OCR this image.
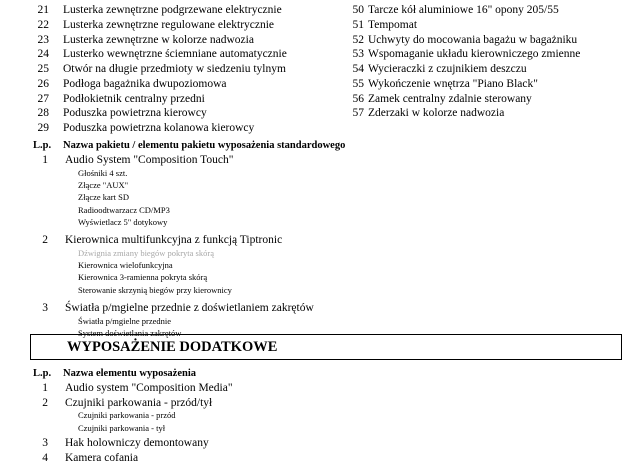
21 Lusterka zewnętrzne podgrzewane elektrycznie
22 Lusterka zewnętrzne regulowane elektrycznie
23 Lusterka zewnętrzne w kolorze nadwozia
24 Lusterko wewnętrzne ściemniane automatycznie
25 Otwór na długie przedmioty w siedzeniu tylnym
26 Podłoga bagażnika dwupoziomowa
27 Podłokietnik centralny przedni
28 Poduszka powietrzna kierowcy
29 Poduszka powietrzna kolanowa kierowcy
50 Tarcze kół aluminiowe 16" opony 205/55
51 Tempomat
52 Uchwyty do mocowania bagażu w bagażniku
53 Wspomaganie układu kierowniczego zmienne
54 Wycieraczki z czujnikiem deszczu
55 Wykończenie wnętrza "Piano Black"
56 Zamek centralny zdalnie sterowany
57 Zderzaki w kolorze nadwozia
L.p. Nazwa pakietu / elementu pakietu wyposażenia standardowego
1 Audio System "Composition Touch"
Głośniki 4 szt.
Złącze "AUX"
Złącze kart SD
Radioodtwarzacz CD/MP3
Wyświetlacz 5" dotykowy
2 Kierownica multifunkcyjna z funkcją Tiptronic
Dźwignia zmiany biegów pokryta skórą
Kierownica wielofunkcyjna
Kierownica 3-ramienna pokryta skórą
Sterowanie skrzynią biegów przy kierownicy
3 Światła p/mgielne przednie z doświetlaniem zakrętów
Światła p/mgielne przednie
System doświetlania zakrętów
WYPOSAŻENIE DODATKOWE
L.p. Nazwa elementu wyposażenia
1 Audio system "Composition Media"
2 Czujniki parkowania - przód/tył
Czujniki parkowania - przód
Czujniki parkowania - tył
3 Hak holowniczy demontowany
4 Kamera cofania
